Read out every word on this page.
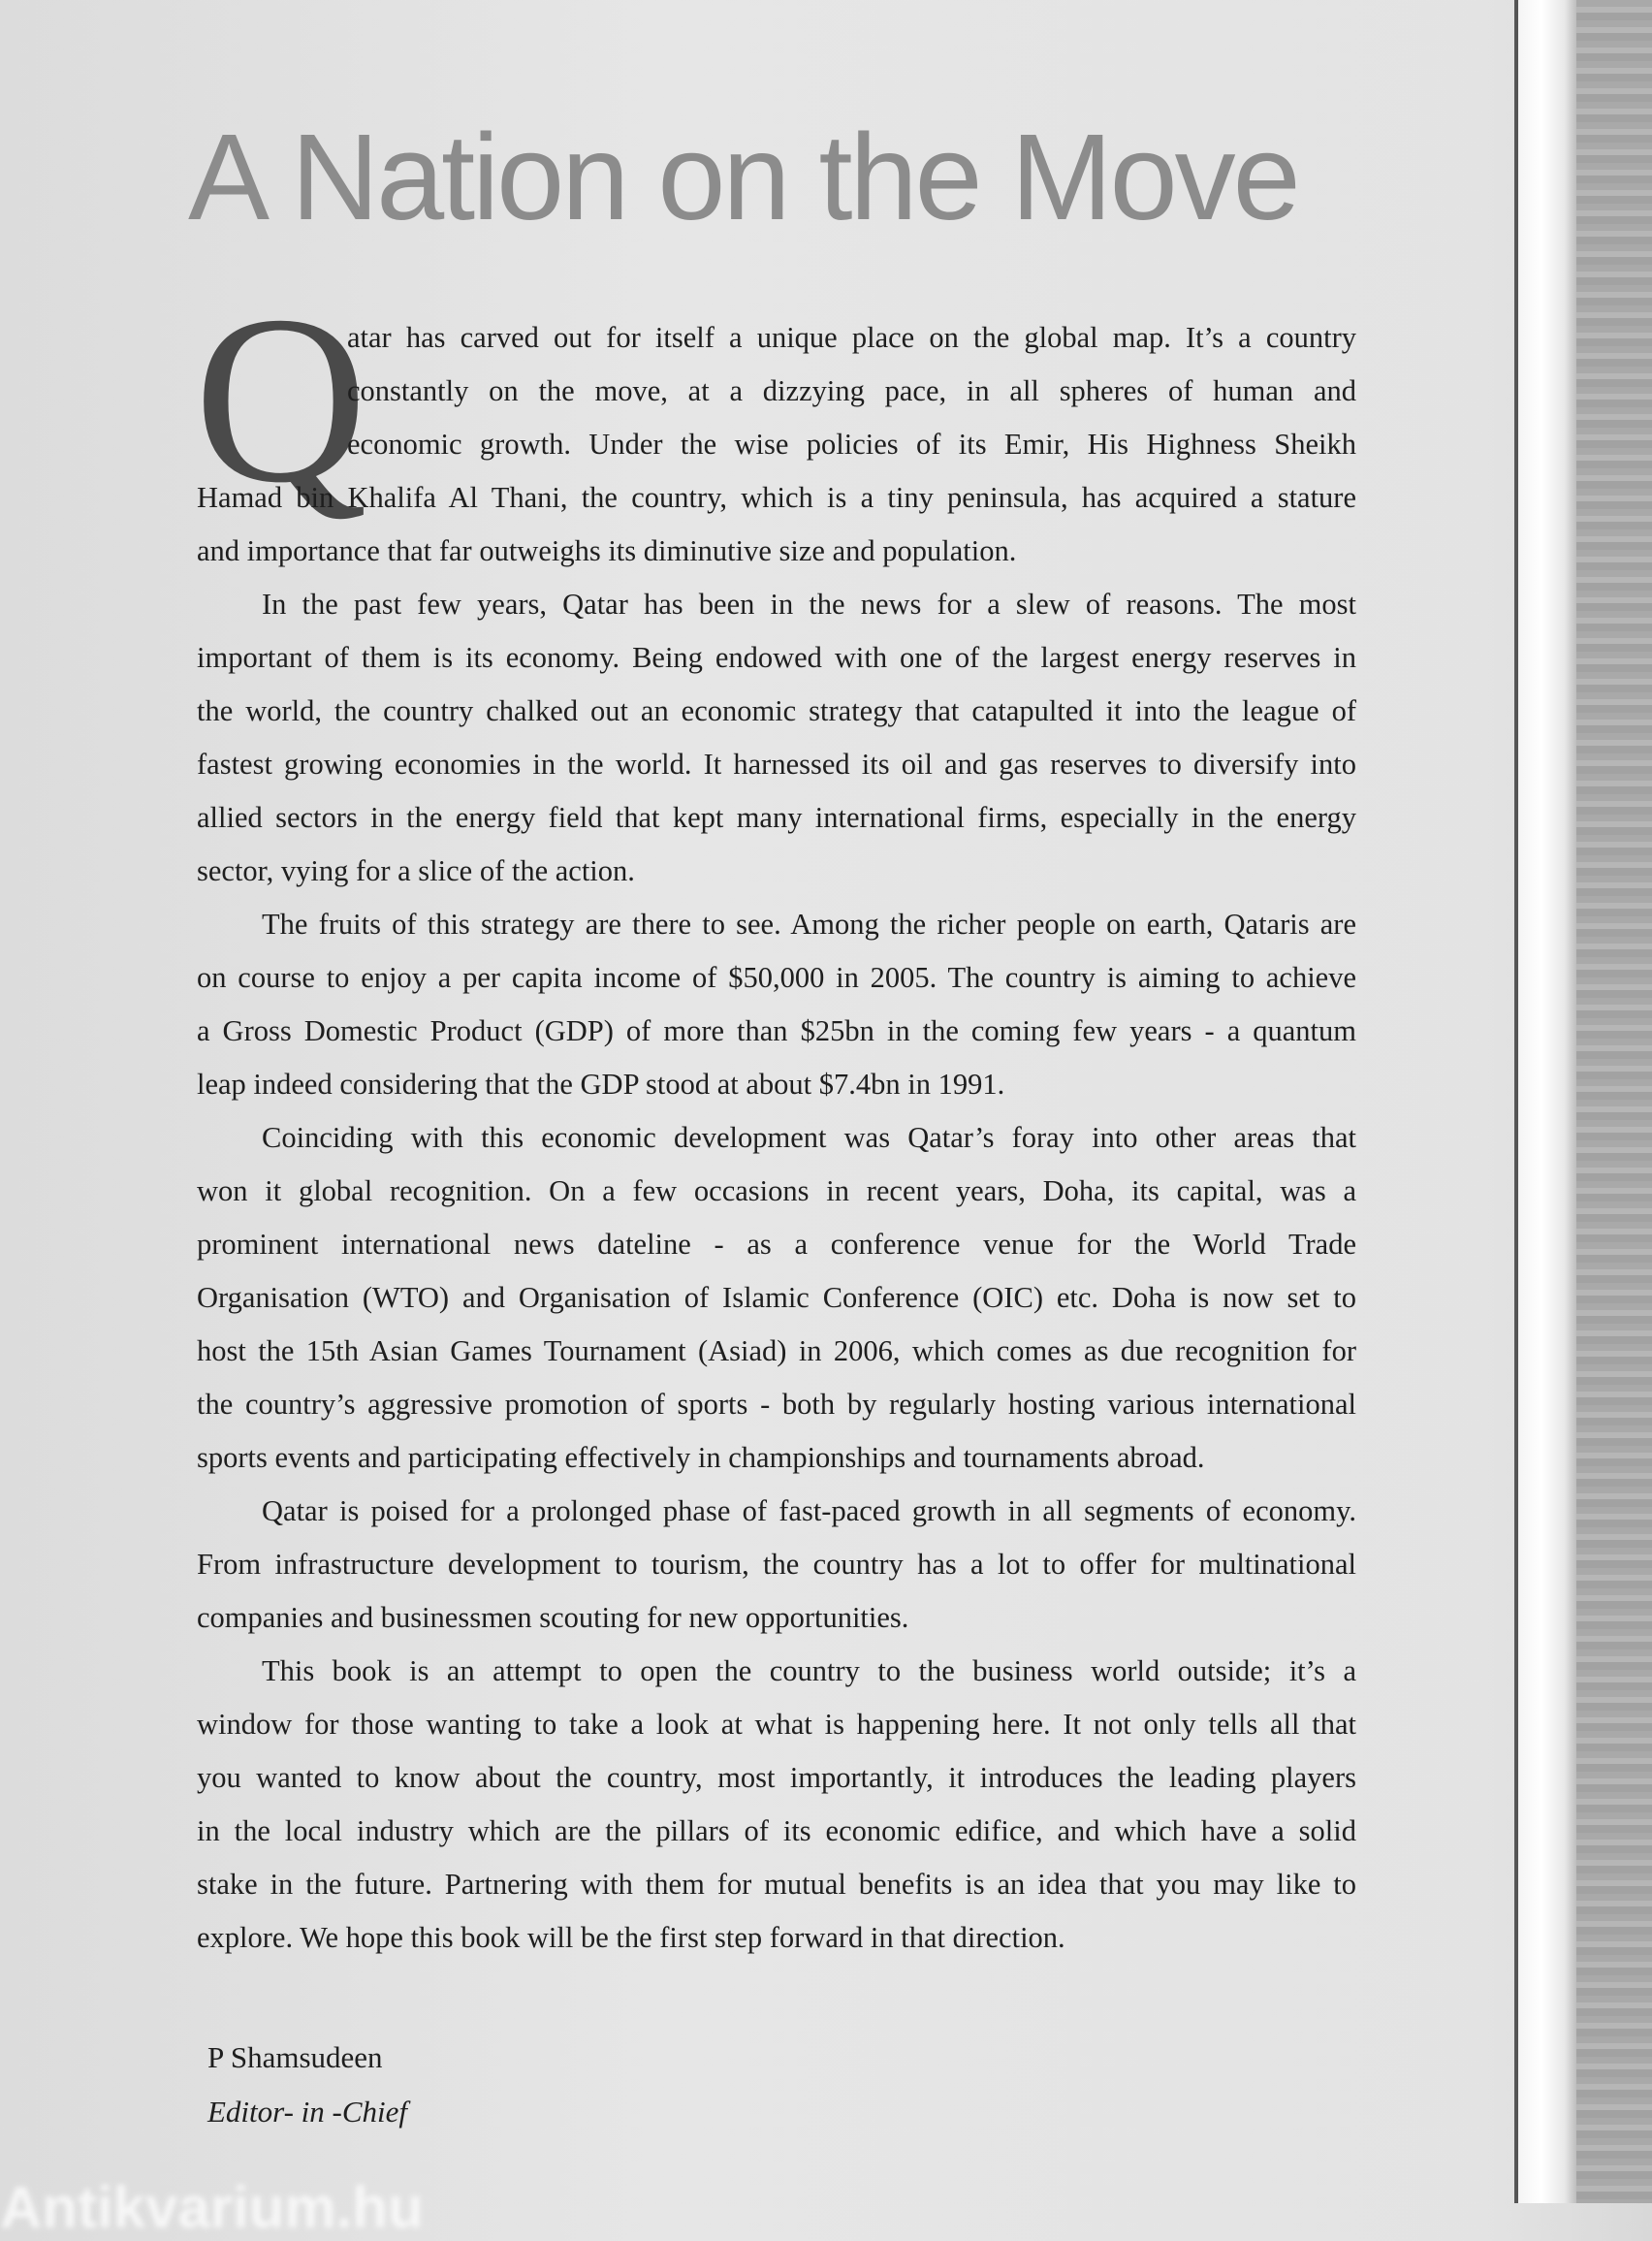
A Nation on the Move
Q
atar has carved out for itself a unique place on the global map. It’s a country
constantly on the move, at a dizzying pace, in all spheres of human and
economic growth. Under the wise policies of its Emir, His Highness Sheikh
Hamad bin Khalifa Al Thani, the country, which is a tiny peninsula, has acquired a stature
and importance that far outweighs its diminutive size and population.
In the past few years, Qatar has been in the news for a slew of reasons. The most
important of them is its economy. Being endowed with one of the largest energy reserves in
the world, the country chalked out an economic strategy that catapulted it into the league of
fastest growing economies in the world. It harnessed its oil and gas reserves to diversify into
allied sectors in the energy field that kept many international firms, especially in the energy
sector, vying for a slice of the action.
The fruits of this strategy are there to see. Among the richer people on earth, Qataris are
on course to enjoy a per capita income of $50,000 in 2005. The country is aiming to achieve
a Gross Domestic Product (GDP) of more than $25bn in the coming few years - a quantum
leap indeed considering that the GDP stood at about $7.4bn in 1991.
Coinciding with this economic development was Qatar’s foray into other areas that
won it global recognition. On a few occasions in recent years, Doha, its capital, was a
prominent international news dateline - as a conference venue for the World Trade
Organisation (WTO) and Organisation of Islamic Conference (OIC) etc. Doha is now set to
host the 15th Asian Games Tournament (Asiad) in 2006, which comes as due recognition for
the country’s aggressive promotion of sports - both by regularly hosting various international
sports events and participating effectively in championships and tournaments abroad.
Qatar is poised for a prolonged phase of fast-paced growth in all segments of economy.
From infrastructure development to tourism, the country has a lot to offer for multinational
companies and businessmen scouting for new opportunities.
This book is an attempt to open the country to the business world outside; it’s a
window for those wanting to take a look at what is happening here. It not only tells all that
you wanted to know about the country, most importantly, it introduces the leading players
in the local industry which are the pillars of its economic edifice, and which have a solid
stake in the future. Partnering with them for mutual benefits is an idea that you may like to
explore. We hope this book will be the first step forward in that direction.
P Shamsudeen
Editor- in -Chief
Antikvarium.hu
